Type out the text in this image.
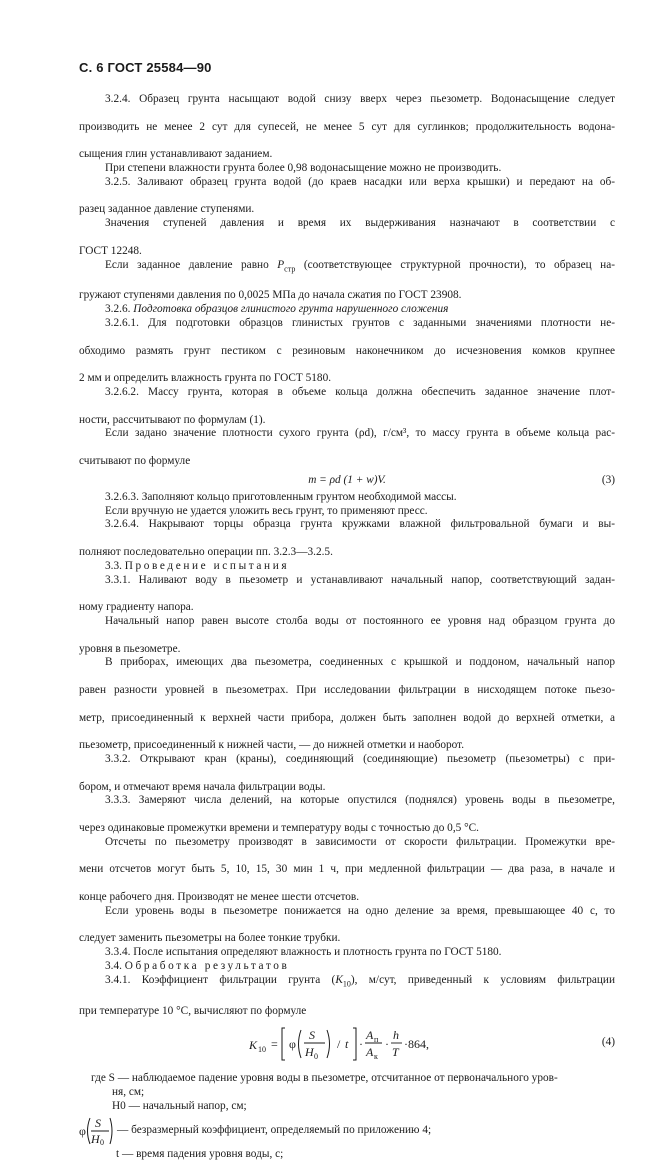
С. 6 ГОСТ 25584—90

3.2.4. Образец грунта насыщают водой снизу вверх через пьезометр. Водонасыщение следует

производить не менее 2 сут для супесей, не менее 5 сут для суглинков; продолжительность водона-

сыщения глин устанавливают заданием.

При степени влажности грунта более 0,98 водонасыщение можно не производить.

3.2.5. Заливают образец грунта водой (до краев насадки или верха крышки) и передают на об-

разец заданное давление ступенями.

Значения ступеней давления и время их выдерживания назначают в соответствии с

ГОСТ 12248.

Если заданное давление равно $P_{стр}$ (соответствующее структурной прочности), то образец на-

гружают ступенями давления по 0,0025 МПа до начала сжатия по ГОСТ 23908.

3.2.6. Подготовка образцов глинистого грунта нарушенного сложения

3.2.6.1. Для подготовки образцов глинистых грунтов с заданными значениями плотности не-

обходимо размять грунт пестиком с резиновым наконечником до исчезновения комков крупнее

2 мм и определить влажность грунта по ГОСТ 5180.

3.2.6.2. Массу грунта, которая в объеме кольца должна обеспечить заданное значение плот-

ности, рассчитывают по формулам (1).

Если задано значение плотности сухого грунта (ρd), г/см³, то массу грунта в объеме кольца рас-

считывают по формуле

m = ρd (1 + w)V.	(3)

3.2.6.3. Заполняют кольцо приготовленным грунтом необходимой массы.

Если вручную не удается уложить весь грунт, то применяют пресс.

3.2.6.4. Накрывают торцы образца грунта кружками влажной фильтровальной бумаги и вы-

полняют последовательно операции пп. 3.2.3—3.2.5.

3.3. Проведение испытания

3.3.1. Наливают воду в пьезометр и устанавливают начальный напор, соответствующий задан-

ному градиенту напора.

Начальный напор равен высоте столба воды от постоянного ее уровня над образцом грунта до

уровня в пьезометре.

В приборах, имеющих два пьезометра, соединенных с крышкой и поддоном, начальный напор

равен разности уровней в пьезометрах. При исследовании фильтрации в нисходящем потоке пьезо-

метр, присоединенный к верхней части прибора, должен быть заполнен водой до верхней отметки, а

пьезометр, присоединенный к нижней части, — до нижней отметки и наоборот.

3.3.2. Открывают кран (краны), соединяющий (соединяющие) пьезометр (пьезометры) с при-

бором, и отмечают время начала фильтрации воды.

3.3.3. Замеряют числа делений, на которые опустился (поднялся) уровень воды в пьезометре,

через одинаковые промежутки времени и температуру воды с точностью до 0,5 °С.

Отсчеты по пьезометру производят в зависимости от скорости фильтрации. Промежутки вре-

мени отсчетов могут быть 5, 10, 15, 30 мин 1 ч, при медленной фильтрации — два раза, в начале и

конце рабочего дня. Производят не менее шести отсчетов.

Если уровень воды в пьезометре понижается на одно деление за время, превышающее 40 с, то

следует заменить пьезометры на более тонкие трубки.

3.3.4. После испытания определяют влажность и плотность грунта по ГОСТ 5180.

3.4. Обработка результатов

3.4.1. Коэффициент фильтрации грунта $(K_{10})$, м/сут, приведенный к условиям фильтрации

при температуре 10 °С, вычисляют по формуле

K 10 = φ
S
H 0
/ t ·
A п
A к
·
h
T
·864,	(4)
где S — наблюдаемое падение уровня воды в пьезометре, отсчитанное от первоначального уров-
ня, см;
H0 — начальный напор, см;
φ
S
H 0
— безразмерный коэффициент, определяемый по приложению 4;
t — время падения уровня воды, с;
